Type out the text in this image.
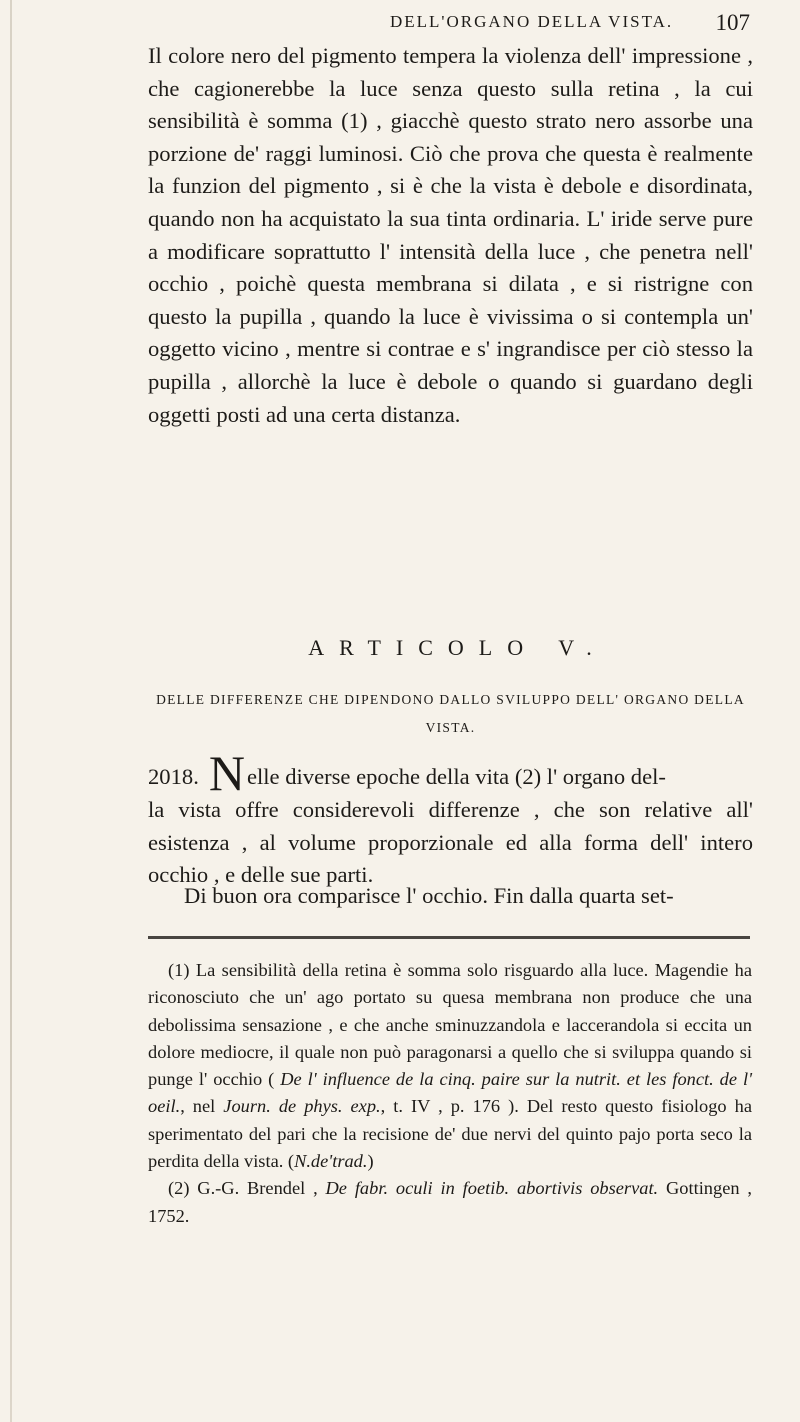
DELL'ORGANO DELLA VISTA. 107

Il colore nero del pigmento tempera la violenza dell' impressione , che cagionerebbe la luce senza questo sulla retina , la cui sensibilità è somma (1) , giacchè questo strato nero assorbe una porzione de' raggi luminosi. Ciò che prova che questa è realmente la funzion del pigmento , si è che la vista è debole e disordinata, quando non ha acquistato la sua tinta ordinaria. L' iride serve pure a modificare soprattutto l' intensità della luce , che penetra nell' occhio , poichè questa membrana si dilata , e si ristrigne con questo la pupilla , quando la luce è vivissima o si contempla un' oggetto vicino , mentre si contrae e s' ingrandisce per ciò stesso la pupilla , allorchè la luce è debole o quando si guardano degli oggetti posti ad una certa distanza.

ARTICOLO V.
DELLE DIFFERENZE CHE DIPENDONO DALLO SVILUPPO DELL' ORGANO DELLA VISTA.
2018. N elle diverse epoche della vita (2) l' organo del-
la vista offre considerevoli differenze , che son relative all' esistenza , al volume proporzionale ed alla forma dell' intero occhio , e delle sue parti.
Di buon ora comparisce l' occhio. Fin dalla quarta set-

(1) La sensibilità della retina è somma solo risguardo alla luce. Magendie ha riconosciuto che un' ago portato su quesa membrana non produce che una debolissima sensazione , e che anche sminuzzandola e laccerandola si eccita un dolore mediocre, il quale non può paragonarsi a quello che si sviluppa quando si punge l' occhio ( De l' influence de la cinq. paire sur la nutrit. et les fonct. de l' oeil., nel Journ. de phys. exp., t. IV , p. 176 ). Del resto questo fisiologo ha sperimentato del pari che la recisione de' due nervi del quinto pajo porta seco la perdita della vista. (N.de'trad.)

(2) G.-G. Brendel , De fabr. oculi in foetib. abortivis observat. Gottingen , 1752.
